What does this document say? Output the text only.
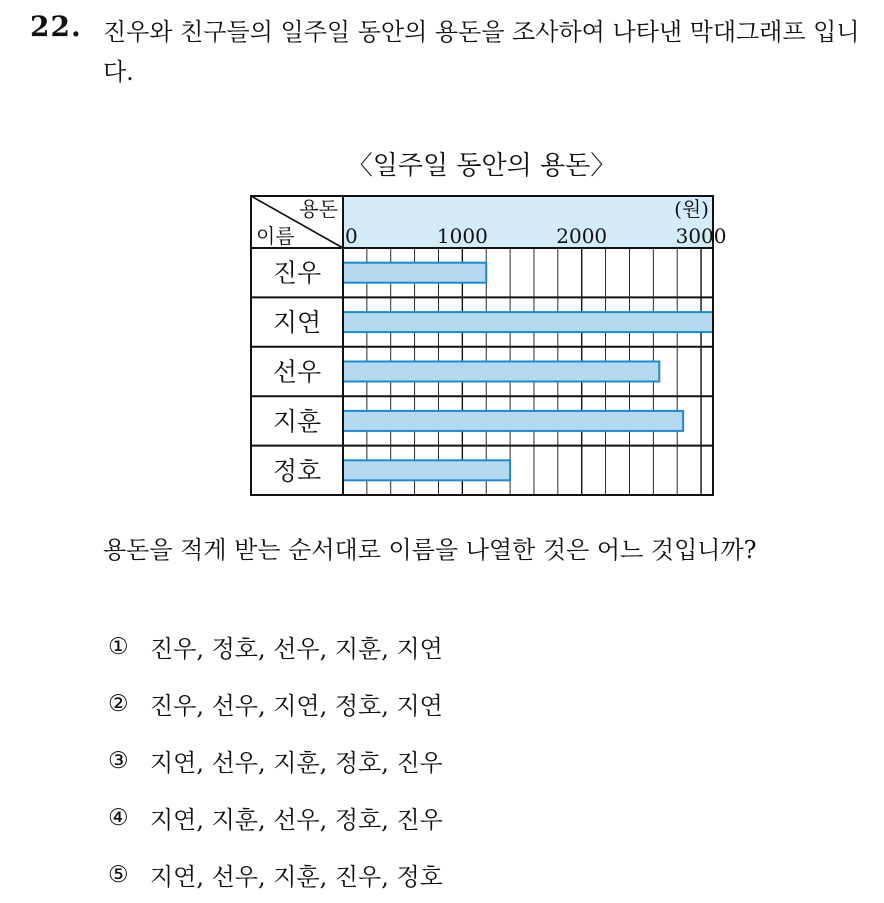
22. 진우와 친구들의 일주일 동안의 용돈을 조사하여 나타낸 막대그래프 입니다.
〈일주일 동안의 용돈〉
용돈
이름
(원)
0	1000	2000	3000
진우
지연
선우
지훈
정호
용돈을 적게 받는 순서대로 이름을 나열한 것은 어느 것입니까?
① 진우, 정호, 선우, 지훈, 지연
② 진우, 선우, 지연, 정호, 지연
③ 지연, 선우, 지훈, 정호, 진우
④ 지연, 지훈, 선우, 정호, 진우
⑤ 지연, 선우, 지훈, 진우, 정호
